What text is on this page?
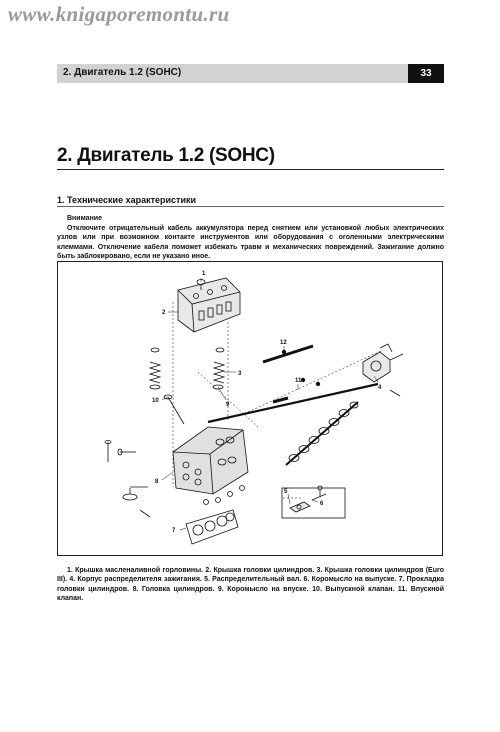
www.knigaporemontu.ru
2. Двигатель 1.2 (SOHC)	33
2. Двигатель 1.2 (SOHC)
1. Технические характеристики
Внимание
Отключите отрицательный кабель аккумулятора перед снятием или установкой любых электрических узлов или при возможном контакте инструментов или оборудования с оголенными электрическими клеммами. Отключение кабеля поможет избежать травм и механических повреждений. Зажигание должно быть заблокировано, если не указано иное.
1
2
3
4
5
6
7
8
9
10
11
12
1. Крышка масленаливной горловины. 2. Крышка головки цилиндров. 3. Крышка головки цилиндров (Euro III). 4. Корпус распределителя зажигания. 5. Распределительный вал. 6. Коромысло на выпуске. 7. Прокладка головки цилиндров. 8. Головка цилиндров. 9. Коромысло на впуске. 10. Выпускной клапан. 11. Впускной клапан.
